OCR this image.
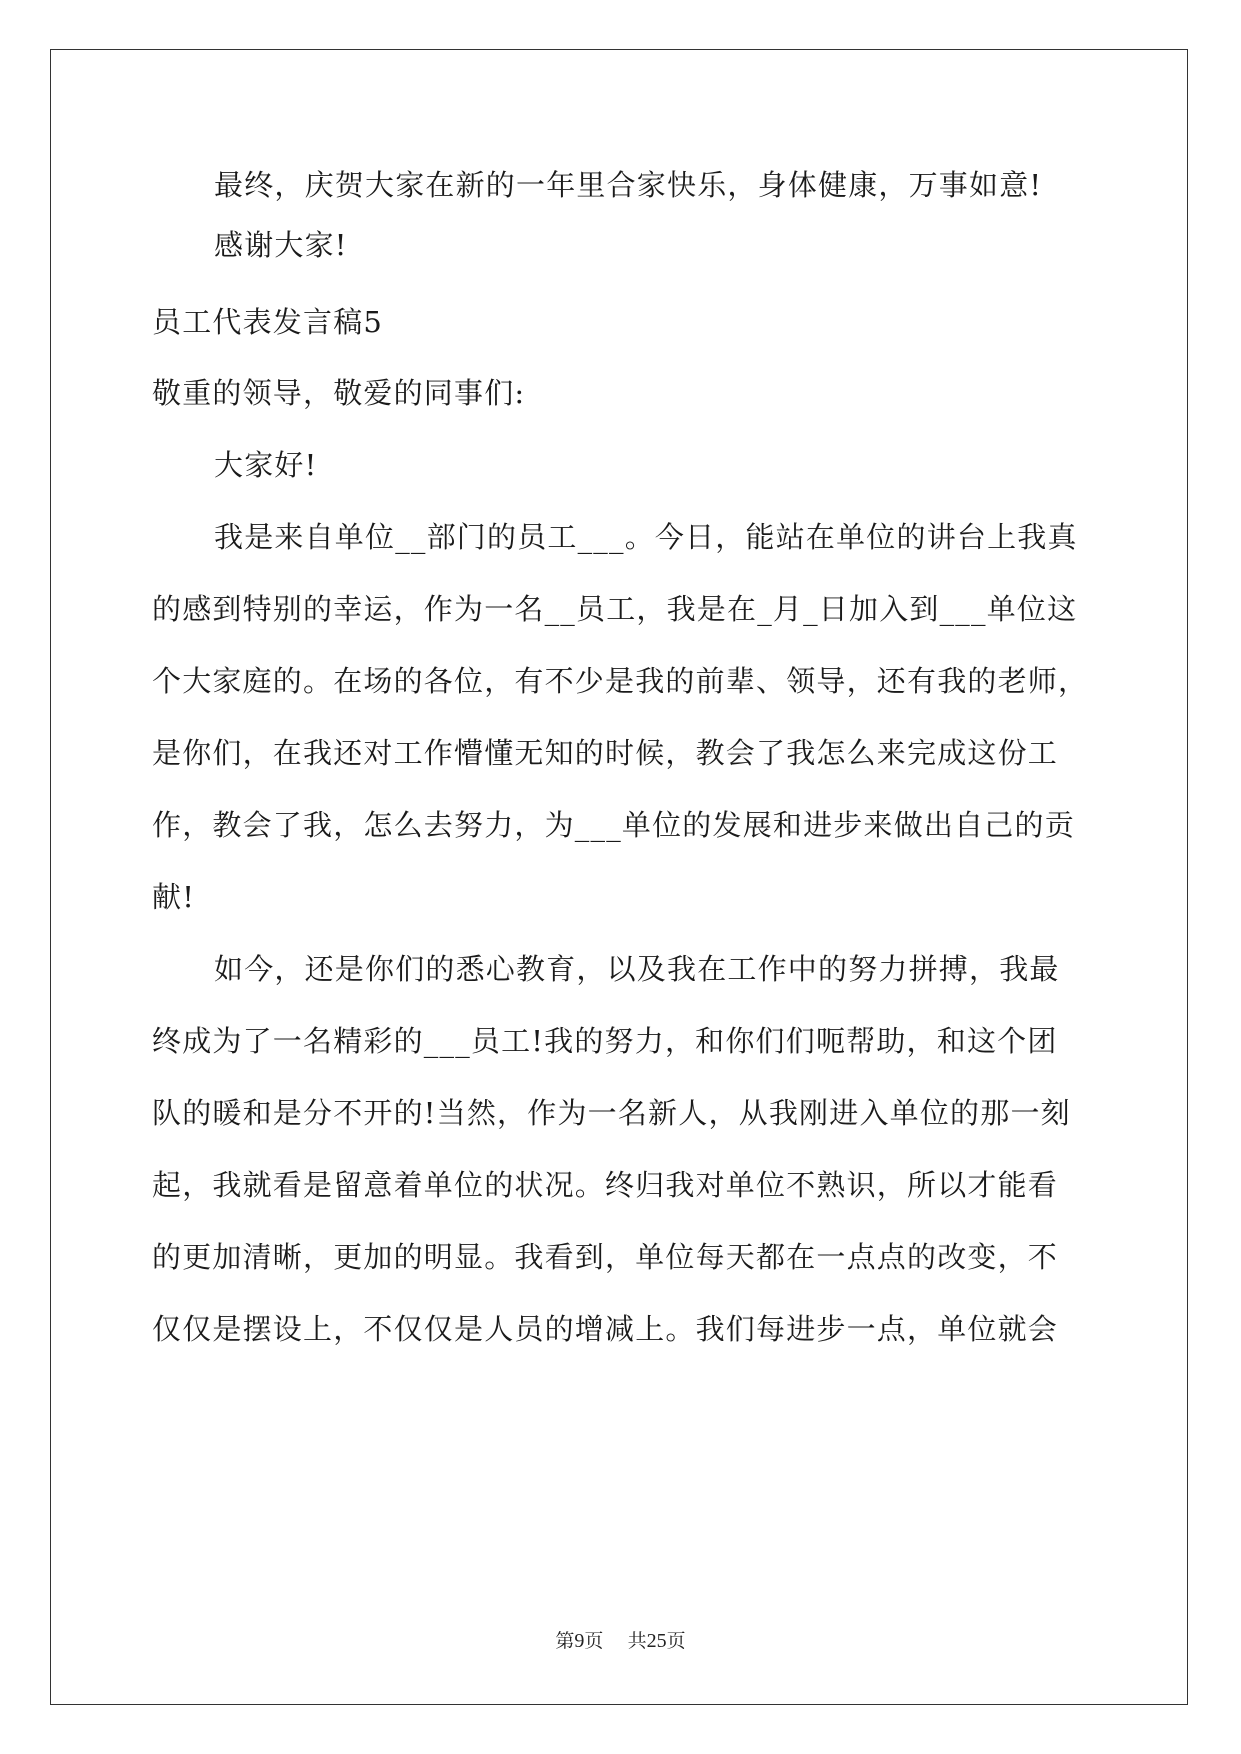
最终，庆贺大家在新的一年里合家快乐，身体健康，万事如意!
感谢大家!
员工代表发言稿5
敬重的领导，敬爱的同事们:
大家好!
我是来自单位__部门的员工___。今日，能站在单位的讲台上我真
的感到特别的幸运，作为一名__员工，我是在_月_日加入到___单位这
个大家庭的。在场的各位，有不少是我的前辈、领导，还有我的老师，
是你们，在我还对工作懵懂无知的时候，教会了我怎么来完成这份工
作，教会了我，怎么去努力，为___单位的发展和进步来做出自己的贡
献!
如今，还是你们的悉心教育，以及我在工作中的努力拼搏，我最
终成为了一名精彩的___员工!我的努力，和你们们呃帮助，和这个团
队的暖和是分不开的!当然，作为一名新人，从我刚进入单位的那一刻
起，我就看是留意着单位的状况。终归我对单位不熟识，所以才能看
的更加清晰，更加的明显。我看到，单位每天都在一点点的改变，不
仅仅是摆设上，不仅仅是人员的增减上。我们每进步一点，单位就会
第9页 共25页
